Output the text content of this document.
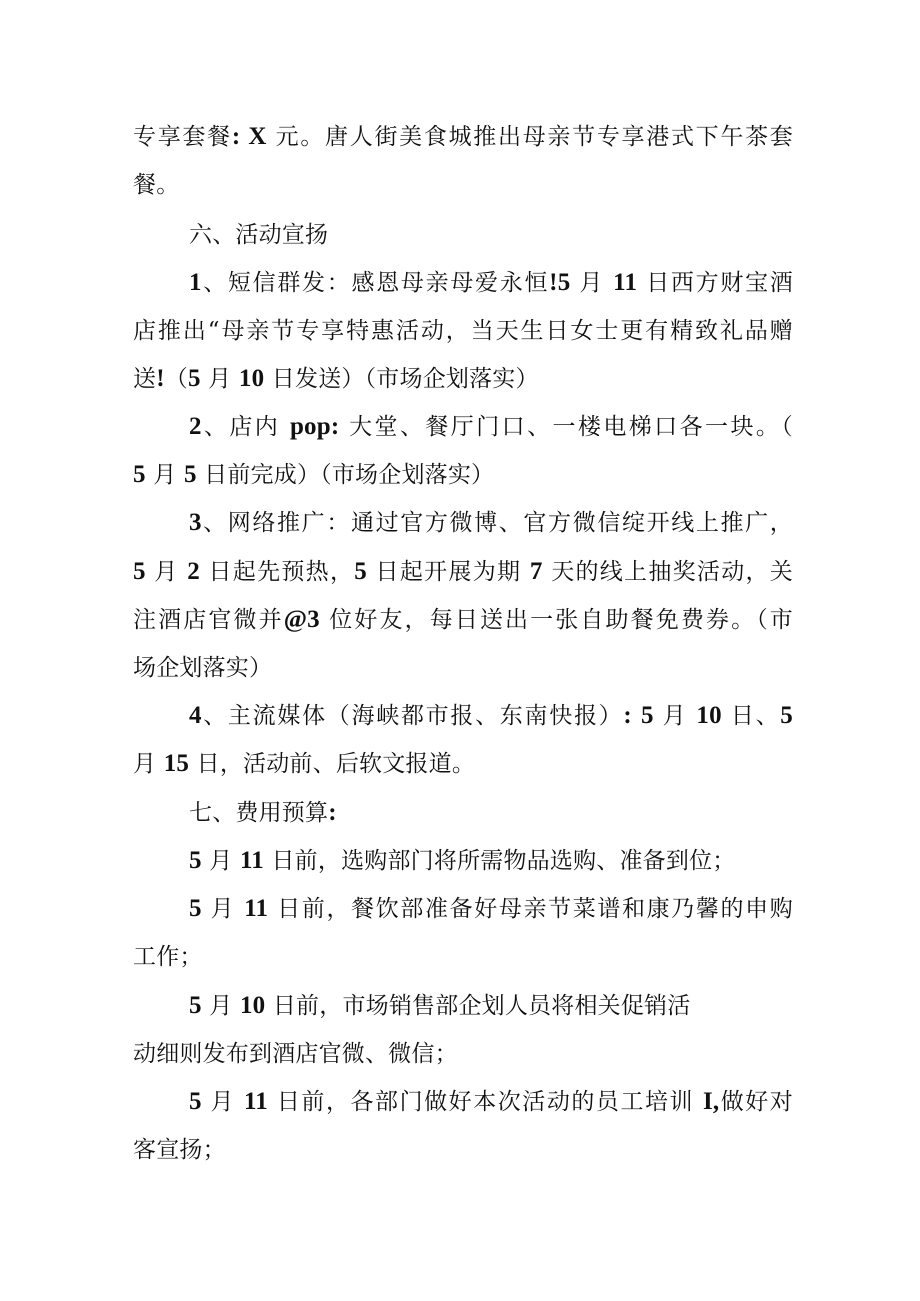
专享套餐: X 元。唐人街美食城推出母亲节专享港式下午茶套
餐。
六、活动宣扬
1、短信群发：感恩母亲母爱永恒!5 月 11 日西方财宝酒
店推出“母亲节专享特惠活动，当天生日女士更有精致礼品赠
送!（5 月 10 日发送）（市场企划落实）
2、店内 pop: 大堂、餐厅门口、一楼电梯口各一块。（
5 月 5 日前完成）（市场企划落实）
3、网络推广：通过官方微博、官方微信绽开线上推广，
5 月 2 日起先预热，5 日起开展为期 7 天的线上抽奖活动，关
注酒店官微并@3 位好友，每日送出一张自助餐免费券。（市
场企划落实）
4、主流媒体（海峡都市报、东南快报）: 5 月 10 日、5
月 15 日，活动前、后软文报道。
七、费用预算:
5 月 11 日前，选购部门将所需物品选购、准备到位；
5 月 11 日前，餐饮部准备好母亲节菜谱和康乃馨的申购
工作；
5 月 10 日前，市场销售部企划人员将相关促销活
动细则发布到酒店官微、微信；
5 月 11 日前，各部门做好本次活动的员工培训 I,做好对
客宣扬；
